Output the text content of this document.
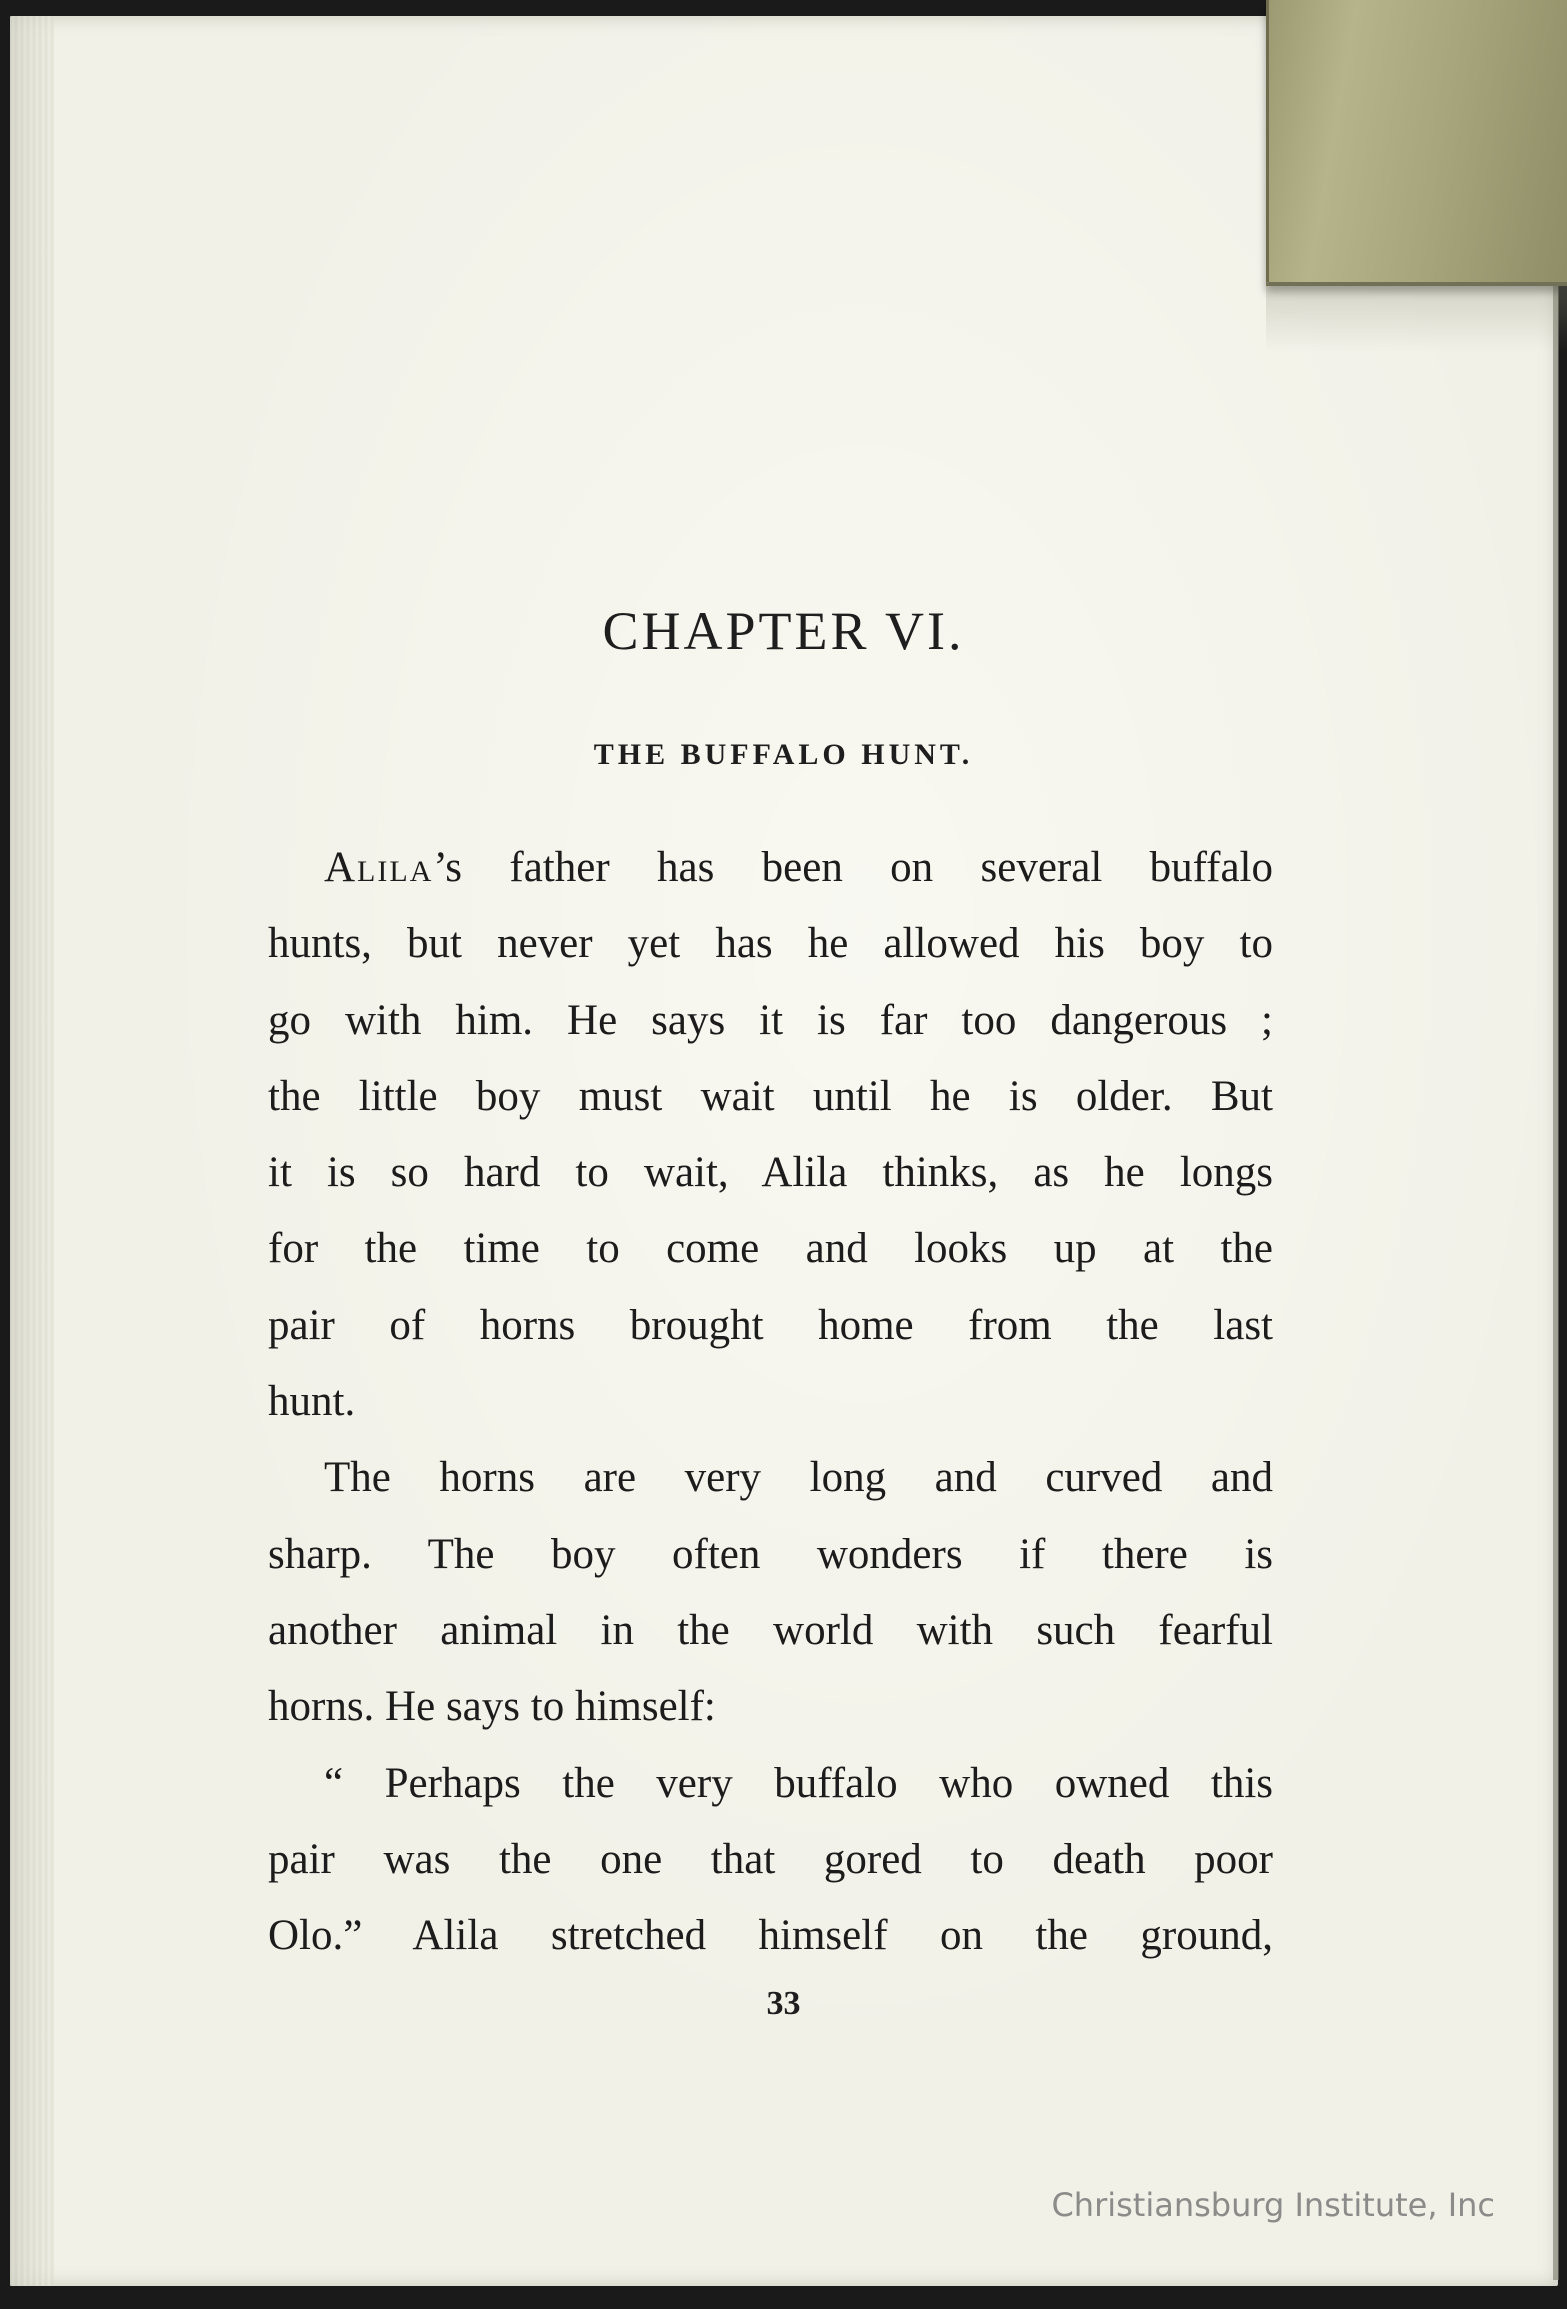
CHAPTER VI.
THE BUFFALO HUNT.
Alila’s father has been on several buffalo
hunts, but never yet has he allowed his boy to
go with him. He says it is far too dangerous ;
the little boy must wait until he is older. But
it is so hard to wait, Alila thinks, as he longs
for the time to come and looks up at the
pair of horns brought home from the last
hunt.
The horns are very long and curved and
sharp. The boy often wonders if there is
another animal in the world with such fearful
horns. He says to himself:
“ Perhaps the very buffalo who owned this
pair was the one that gored to death poor
Olo.” Alila stretched himself on the ground,
33
Christiansburg Institute, Inc
